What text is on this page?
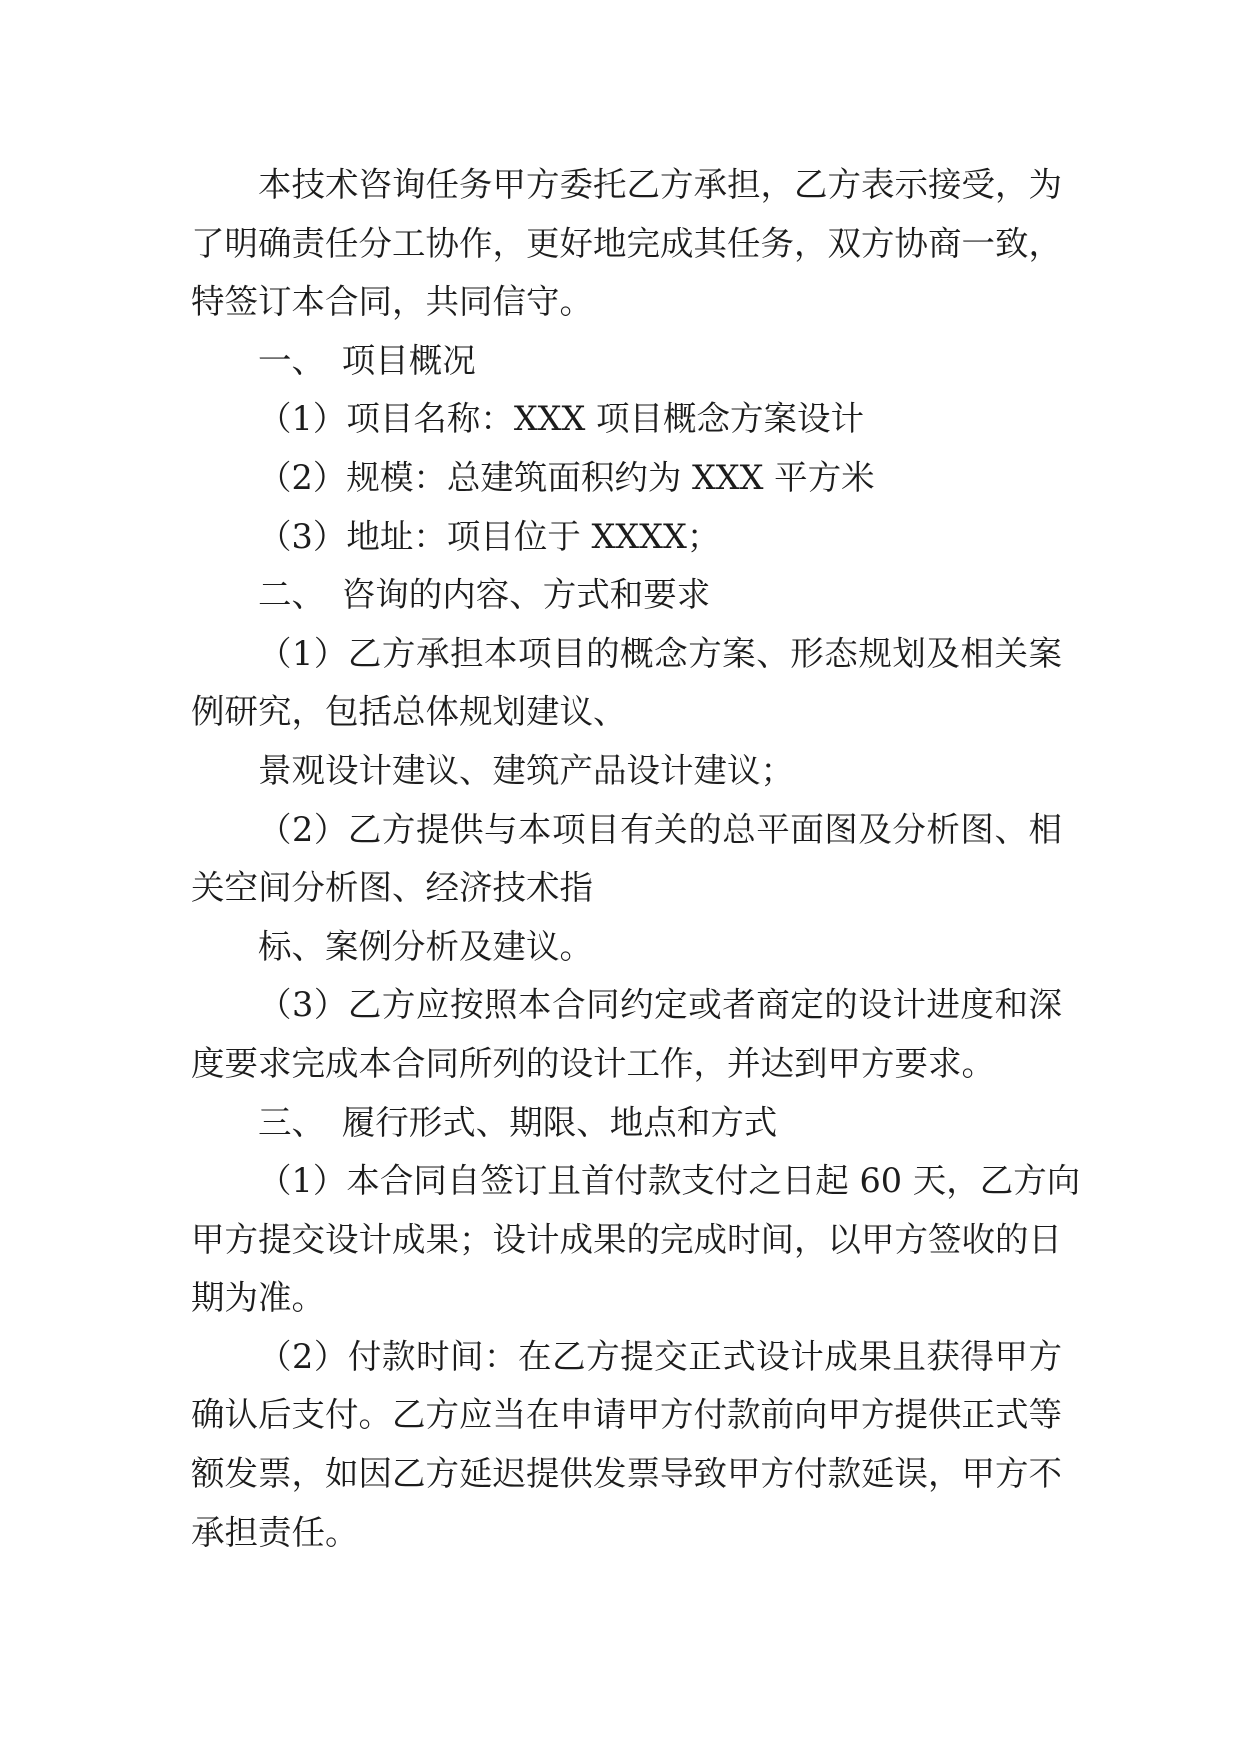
本技术咨询任务甲方委托乙方承担，乙方表示接受，为
了明确责任分工协作，更好地完成其任务，双方协商一致，
特签订本合同，共同信守。
一、 项目概况
（1）项目名称：XXX 项目概念方案设计
（2）规模：总建筑面积约为 XXX 平方米
（3）地址：项目位于 XXXX；
二、 咨询的内容、方式和要求
（1）乙方承担本项目的概念方案、形态规划及相关案
例研究，包括总体规划建议、
景观设计建议、建筑产品设计建议；
（2）乙方提供与本项目有关的总平面图及分析图、相
关空间分析图、经济技术指
标、案例分析及建议。
（3）乙方应按照本合同约定或者商定的设计进度和深
度要求完成本合同所列的设计工作，并达到甲方要求。
三、 履行形式、期限、地点和方式
（1）本合同自签订且首付款支付之日起 60 天，乙方向
甲方提交设计成果；设计成果的完成时间，以甲方签收的日
期为准。
（2）付款时间：在乙方提交正式设计成果且获得甲方
确认后支付。乙方应当在申请甲方付款前向甲方提供正式等
额发票，如因乙方延迟提供发票导致甲方付款延误，甲方不
承担责任。
